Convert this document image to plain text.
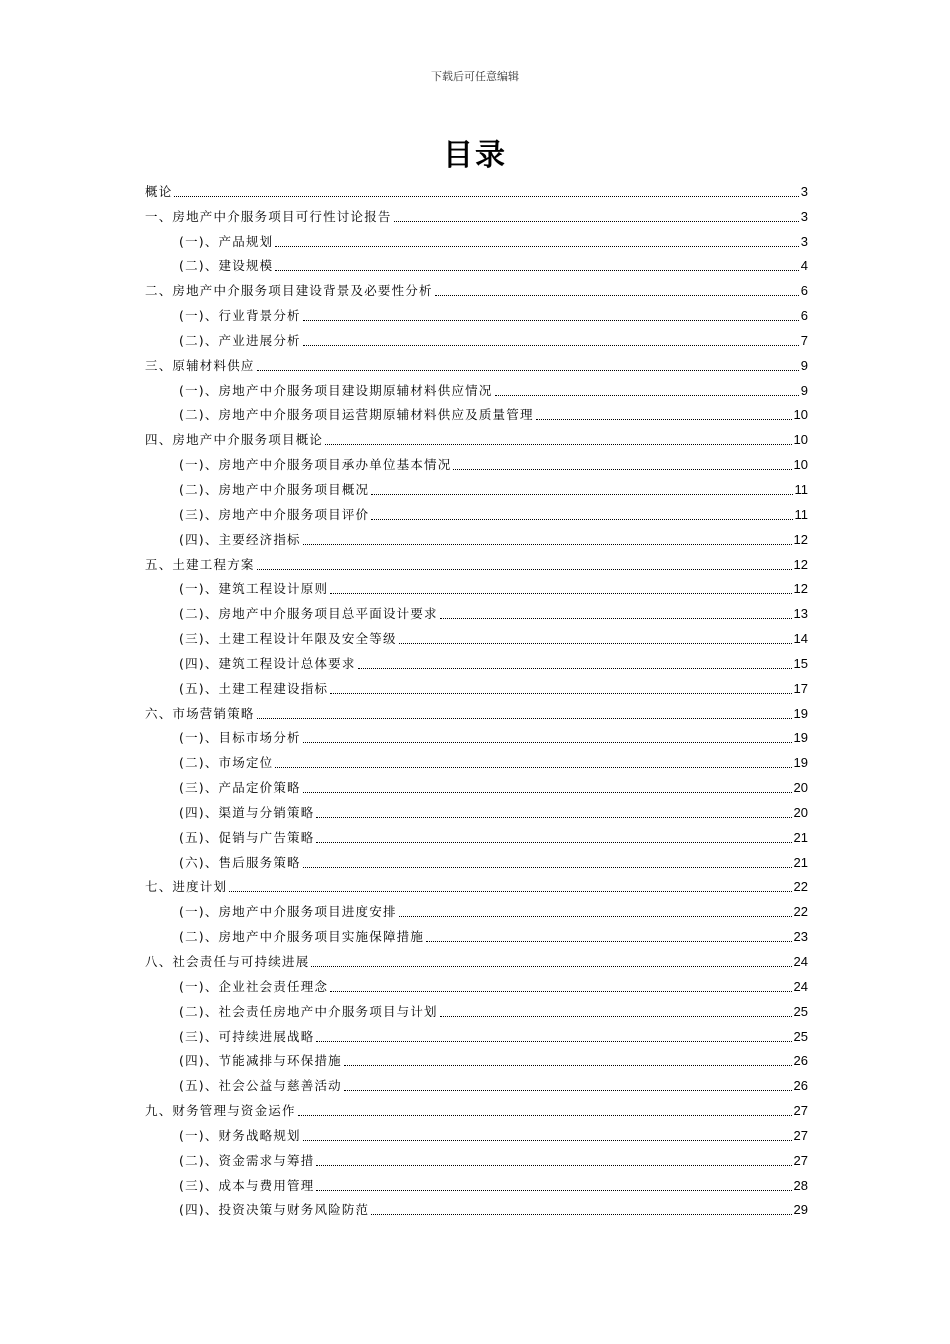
下载后可任意编辑
目录
概论	3
一、房地产中介服务项目可行性讨论报告	3
(一)、产品规划	3
(二)、建设规模	4
二、房地产中介服务项目建设背景及必要性分析	6
(一)、行业背景分析	6
(二)、产业进展分析	7
三、原辅材料供应	9
(一)、房地产中介服务项目建设期原辅材料供应情况	9
(二)、房地产中介服务项目运营期原辅材料供应及质量管理	10
四、房地产中介服务项目概论	10
(一)、房地产中介服务项目承办单位基本情况	10
(二)、房地产中介服务项目概况	11
(三)、房地产中介服务项目评价	11
(四)、主要经济指标	12
五、土建工程方案	12
(一)、建筑工程设计原则	12
(二)、房地产中介服务项目总平面设计要求	13
(三)、土建工程设计年限及安全等级	14
(四)、建筑工程设计总体要求	15
(五)、土建工程建设指标	17
六、市场营销策略	19
(一)、目标市场分析	19
(二)、市场定位	19
(三)、产品定价策略	20
(四)、渠道与分销策略	20
(五)、促销与广告策略	21
(六)、售后服务策略	21
七、进度计划	22
(一)、房地产中介服务项目进度安排	22
(二)、房地产中介服务项目实施保障措施	23
八、社会责任与可持续进展	24
(一)、企业社会责任理念	24
(二)、社会责任房地产中介服务项目与计划	25
(三)、可持续进展战略	25
(四)、节能减排与环保措施	26
(五)、社会公益与慈善活动	26
九、财务管理与资金运作	27
(一)、财务战略规划	27
(二)、资金需求与筹措	27
(三)、成本与费用管理	28
(四)、投资决策与财务风险防范	29
